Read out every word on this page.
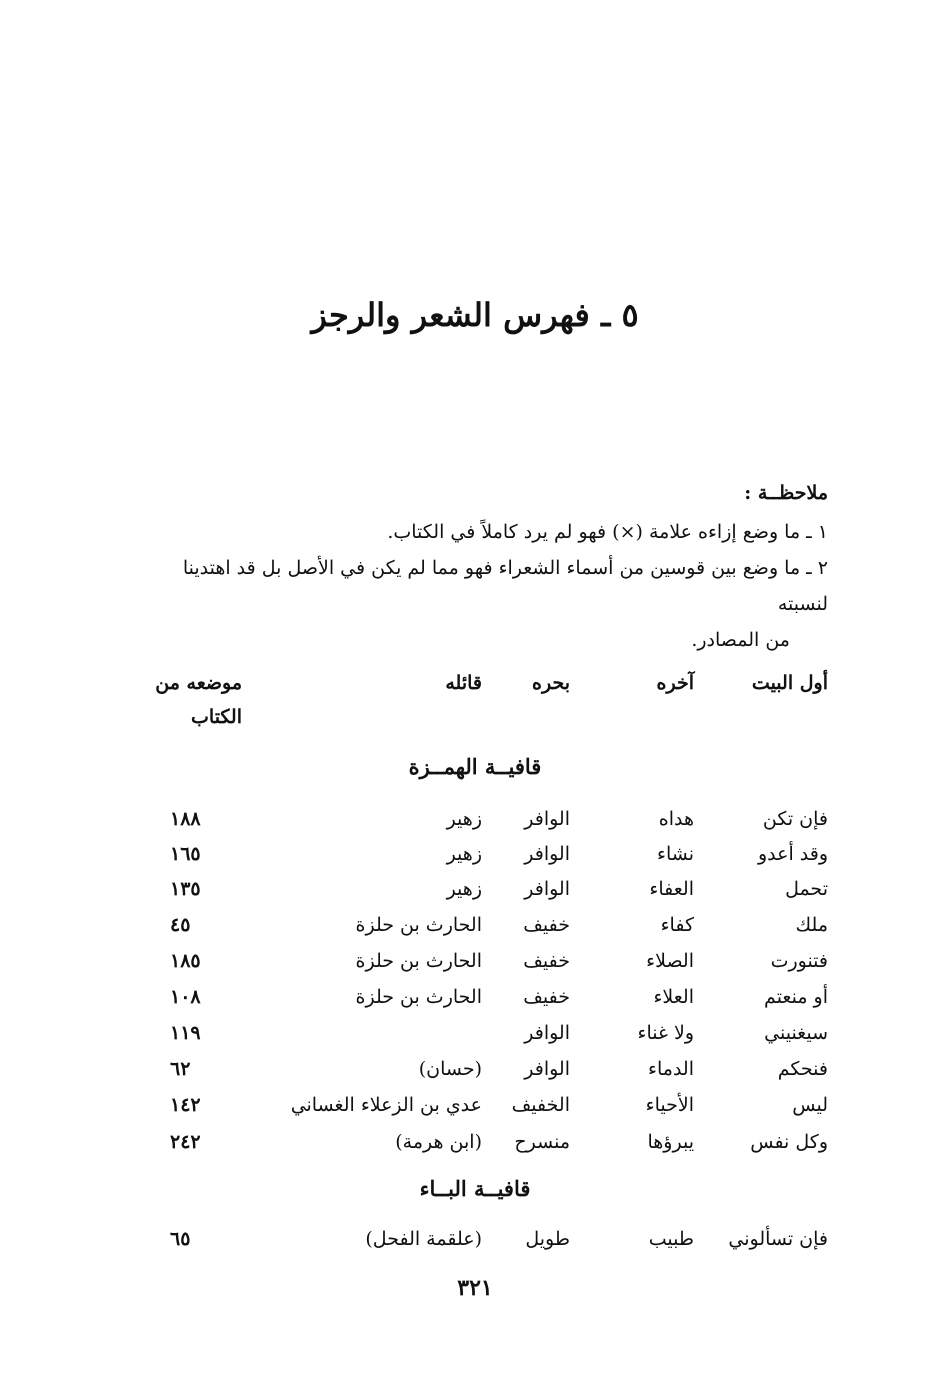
٥ ـ فهرس الشعر والرجز
ملاحظــة :
١ ـ ما وضع إزاءه علامة (×) فهو لم يرد كاملاً في الكتاب.
٢ ـ ما وضع بين قوسين من أسماء الشعراء فهو مما لم يكن في الأصل بل قد اهتدينا لنسبته
من المصادر.
أول البيت
آخره
بحره
قائله
موضعه من
الكتاب
قافيــة الهمــزة
فإن تكن
هداه
الوافر
زهير
١٨٨
وقد أعدو
نشاء
الوافر
زهير
١٦٥
تحمل
العفاء
الوافر
زهير
١٣٥
ملك
كفاء
خفيف
الحارث بن حلزة
٤٥
فتنورت
الصلاء
خفيف
الحارث بن حلزة
١٨٥
أو منعتم
العلاء
خفيف
الحارث بن حلزة
١٠٨
سيغنيني
ولا غناء
الوافر
١١٩
فنحكم
الدماء
الوافر
(حسان)
٦٢
ليس
الأحياء
الخفيف
عدي بن الزعلاء الغساني
١٤٢
وكل نفس
يبرؤها
منسرح
(ابن هرمة)
٢٤٢
قافيــة البــاء
فإن تسألوني
طبيب
طويل
(علقمة الفحل)
٦٥
٣٢١
